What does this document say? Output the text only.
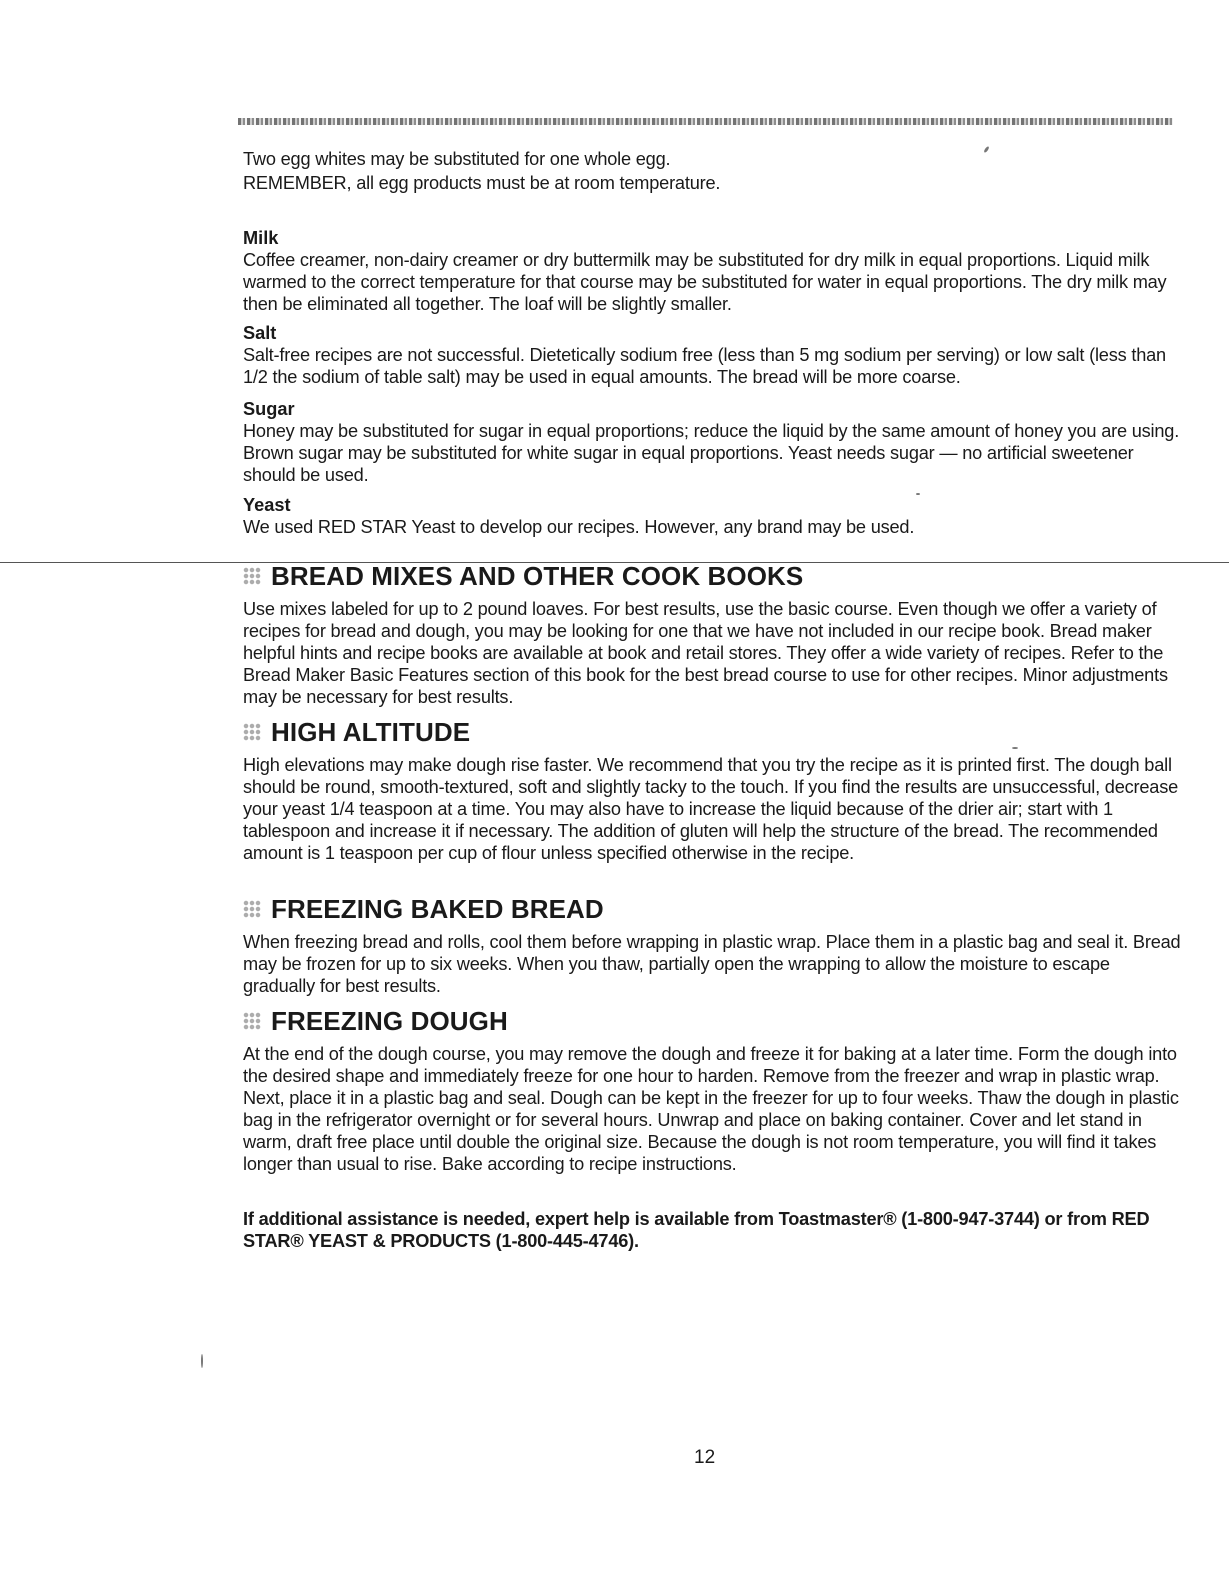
Two egg whites may be substituted for one whole egg.

REMEMBER, all egg products must be at room temperature.

Milk

Coffee creamer, non-dairy creamer or dry buttermilk may be substituted for dry milk in equal proportions. Liquid milk warmed to the correct temperature for that course may be substituted for water in equal proportions. The dry milk may then be eliminated all together. The loaf will be slightly smaller.

Salt

Salt-free recipes are not successful. Dietetically sodium free (less than 5 mg sodium per serving) or low salt (less than 1/2 the sodium of table salt) may be used in equal amounts. The bread will be more coarse.

Sugar

Honey may be substituted for sugar in equal proportions; reduce the liquid by the same amount of honey you are using. Brown sugar may be substituted for white sugar in equal proportions. Yeast needs sugar — no artificial sweetener should be used.

Yeast

We used RED STAR Yeast to develop our recipes. However, any brand may be used.

BREAD MIXES AND OTHER COOK BOOKS

Use mixes labeled for up to 2 pound loaves. For best results, use the basic course. Even though we offer a variety of recipes for bread and dough, you may be looking for one that we have not included in our recipe book. Bread maker helpful hints and recipe books are available at book and retail stores. They offer a wide variety of recipes. Refer to the Bread Maker Basic Features section of this book for the best bread course to use for other recipes. Minor adjustments may be necessary for best results.

HIGH ALTITUDE

High elevations may make dough rise faster. We recommend that you try the recipe as it is printed first. The dough ball should be round, smooth-textured, soft and slightly tacky to the touch. If you find the results are unsuccessful, decrease your yeast 1/4 teaspoon at a time. You may also have to increase the liquid because of the drier air; start with 1 tablespoon and increase it if necessary. The addition of gluten will help the structure of the bread. The recommended amount is 1 teaspoon per cup of flour unless specified otherwise in the recipe.

FREEZING BAKED BREAD

When freezing bread and rolls, cool them before wrapping in plastic wrap. Place them in a plastic bag and seal it. Bread may be frozen for up to six weeks. When you thaw, partially open the wrapping to allow the moisture to escape gradually for best results.

FREEZING DOUGH

At the end of the dough course, you may remove the dough and freeze it for baking at a later time. Form the dough into the desired shape and immediately freeze for one hour to harden. Remove from the freezer and wrap in plastic wrap. Next, place it in a plastic bag and seal. Dough can be kept in the freezer for up to four weeks. Thaw the dough in plastic bag in the refrigerator overnight or for several hours. Unwrap and place on baking container. Cover and let stand in warm, draft free place until double the original size. Because the dough is not room temperature, you will find it takes longer than usual to rise. Bake according to recipe instructions.

If additional assistance is needed, expert help is available from Toastmaster® (1-800-947-3744) or from RED STAR® YEAST & PRODUCTS (1-800-445-4746).

12
